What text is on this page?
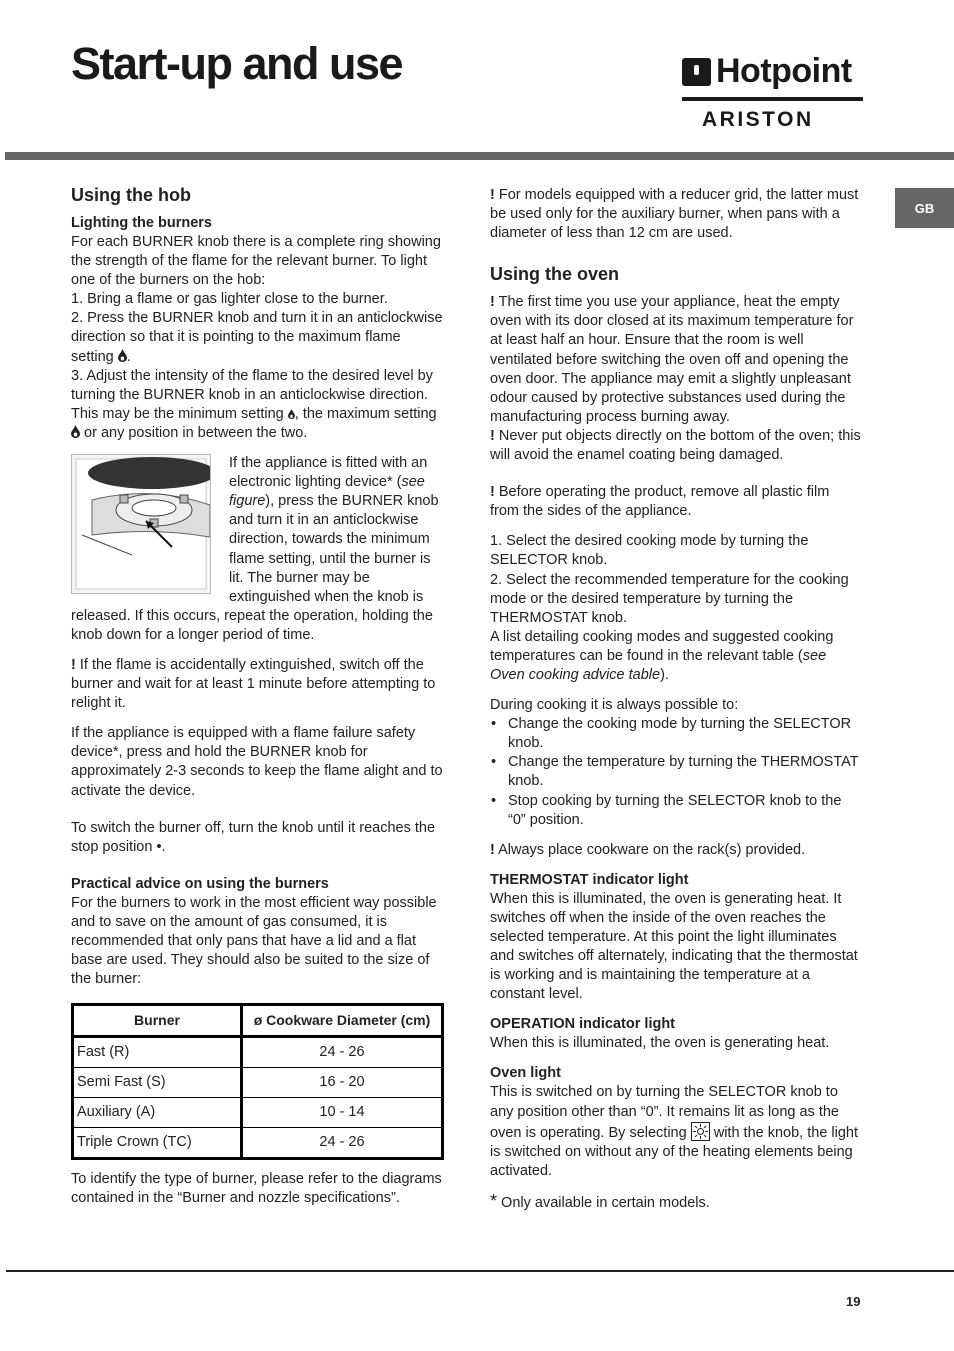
Start-up and use	Hotpoint
ARISTON
GB
Using the hob
Lighting the burners

For each BURNER knob there is a complete ring showing the strength of the flame for the relevant burner. To light one of the burners on the hob:

1. Bring a flame or gas lighter close to the burner.

2. Press the BURNER knob and turn it in an anticlockwise direction so that it is pointing to the maximum flame setting .

3. Adjust the intensity of the flame to the desired level by turning the BURNER knob in an anticlockwise direction. This may be the minimum setting , the maximum setting  or any position in between the two.

If the appliance is fitted with an electronic lighting device* (see figure), press the BURNER knob and turn it in an anticlockwise direction, towards the minimum flame setting, until the burner is lit. The burner may be extinguished when the knob is released. If this occurs, repeat the operation, holding the knob down for a longer period of time.

! If the flame is accidentally extinguished, switch off the burner and wait for at least 1 minute before attempting to relight it.

If the appliance is equipped with a flame failure safety device*, press and hold the BURNER knob for approximately 2-3 seconds to keep the flame alight and to activate the device.

To switch the burner off, turn the knob until it reaches the stop position •.

Practical advice on using the burners

For the burners to work in the most efficient way possible and to save on the amount of gas consumed, it is recommended that only pans that have a lid and a flat base are used. They should also be suited to the size of the burner:

Burner	ø Cookware Diameter (cm)
Fast (R)	24 - 26
Semi Fast (S)	16 - 20
Auxiliary (A)	10 - 14
Triple Crown (TC)	24 - 26

To identify the type of burner, please refer to the diagrams contained in the “Burner and nozzle specifications”.

! For models equipped with a reducer grid, the latter must be used only for the auxiliary burner, when pans with a diameter of less than 12 cm are used.

Using the oven

! The first time you use your appliance, heat the empty oven with its door closed at its maximum temperature for at least half an hour. Ensure that the room is well ventilated before switching the oven off and opening the oven door. The appliance may emit a slightly unpleasant odour caused by protective substances used during the manufacturing process burning away.

! Never put objects directly on the bottom of the oven; this will avoid the enamel coating being damaged.

! Before operating the product, remove all plastic film from the sides of the appliance.

1. Select the desired cooking mode by turning the SELECTOR knob.

2. Select the recommended temperature for the cooking mode or the desired temperature by turning the THERMOSTAT knob.

A list detailing cooking modes and suggested cooking temperatures can be found in the relevant table (see Oven cooking advice table).

During cooking it is always possible to:

• Change the cooking mode by turning the SELECTOR knob.
• Change the temperature by turning the THERMOSTAT knob.
• Stop cooking by turning the SELECTOR knob to the “0” position.

! Always place cookware on the rack(s) provided.

THERMOSTAT indicator light

When this is illuminated, the oven is generating heat. It switches off when the inside of the oven reaches the selected temperature. At this point the light illuminates and switches off alternately, indicating that the thermostat is working and is maintaining the temperature at a constant level.

OPERATION indicator light

When this is illuminated, the oven is generating heat.

Oven light

This is switched on by turning the SELECTOR knob to any position other than “0”. It remains lit as long as the oven is operating. By selecting with the knob, the light is switched on without any of the heating elements being activated.

* Only available in certain models.

19
